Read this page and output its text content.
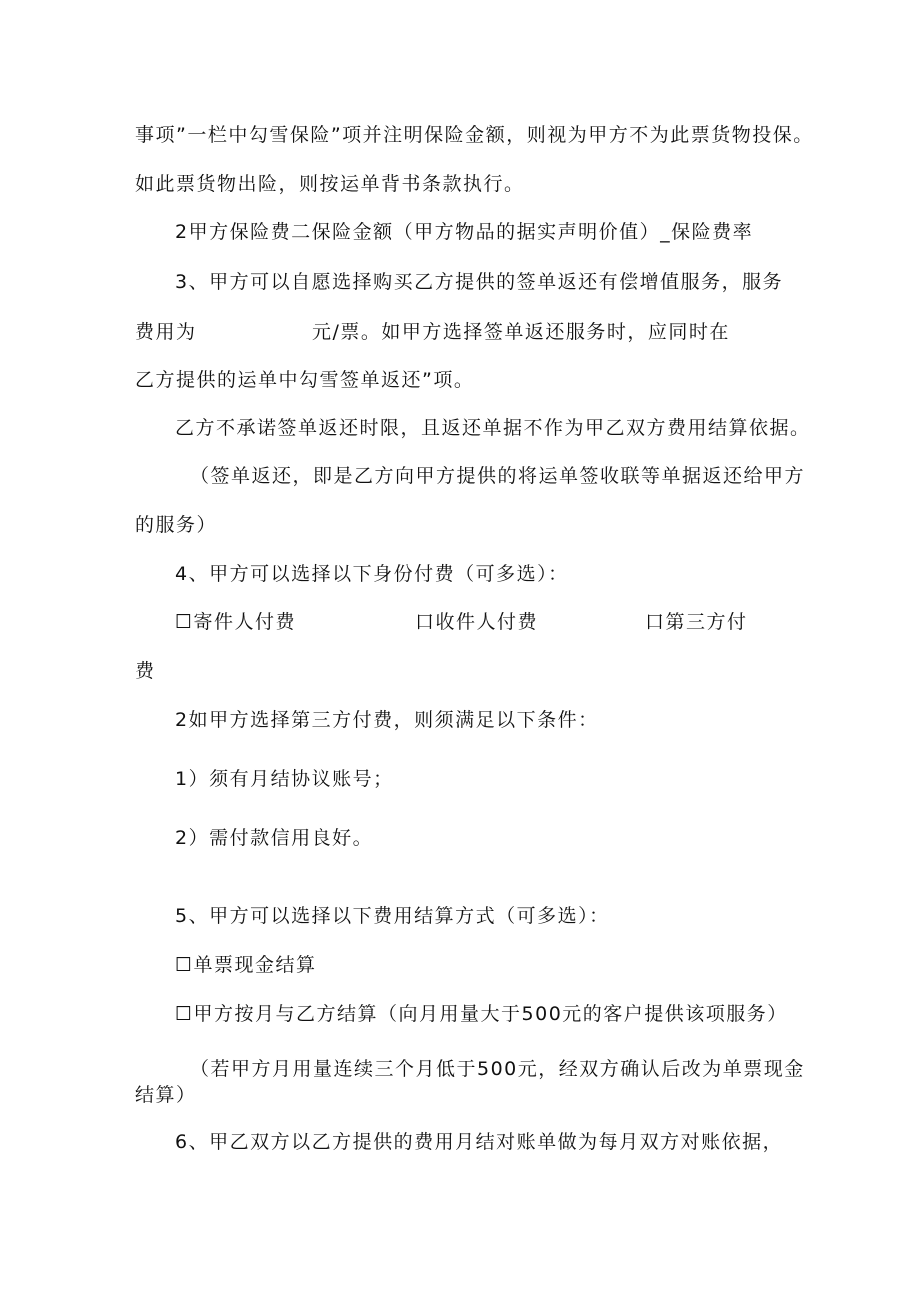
事项”一栏中勾雪保险”项并注明保险金额，则视为甲方不为此票货物投保。
如此票货物出险，则按运单背书条款执行。
2甲方保险费二保险金额（甲方物品的据实声明价值）_保险费率
3、甲方可以自愿选择购买乙方提供的签单返还有偿增值服务，服务
费用为	元/票。如甲方选择签单返还服务时，应同时在
乙方提供的运单中勾雪签单返还”项。
乙方不承诺签单返还时限，且返还单据不作为甲乙双方费用结算依据。
（签单返还，即是乙方向甲方提供的将运单签收联等单据返还给甲方
的服务）
4、甲方可以选择以下身份付费（可多选）：
☐寄件人付费	口收件人付费	口第三方付
费
2如甲方选择第三方付费，则须满足以下条件：
1）须有月结协议账号；
2）需付款信用良好。
5、甲方可以选择以下费用结算方式（可多选）：
☐单票现金结算
☐甲方按月与乙方结算（向月用量大于500元的客户提供该项服务）
（若甲方月用量连续三个月低于500元，经双方确认后改为单票现金
结算）
6、甲乙双方以乙方提供的费用月结对账单做为每月双方对账依据，
